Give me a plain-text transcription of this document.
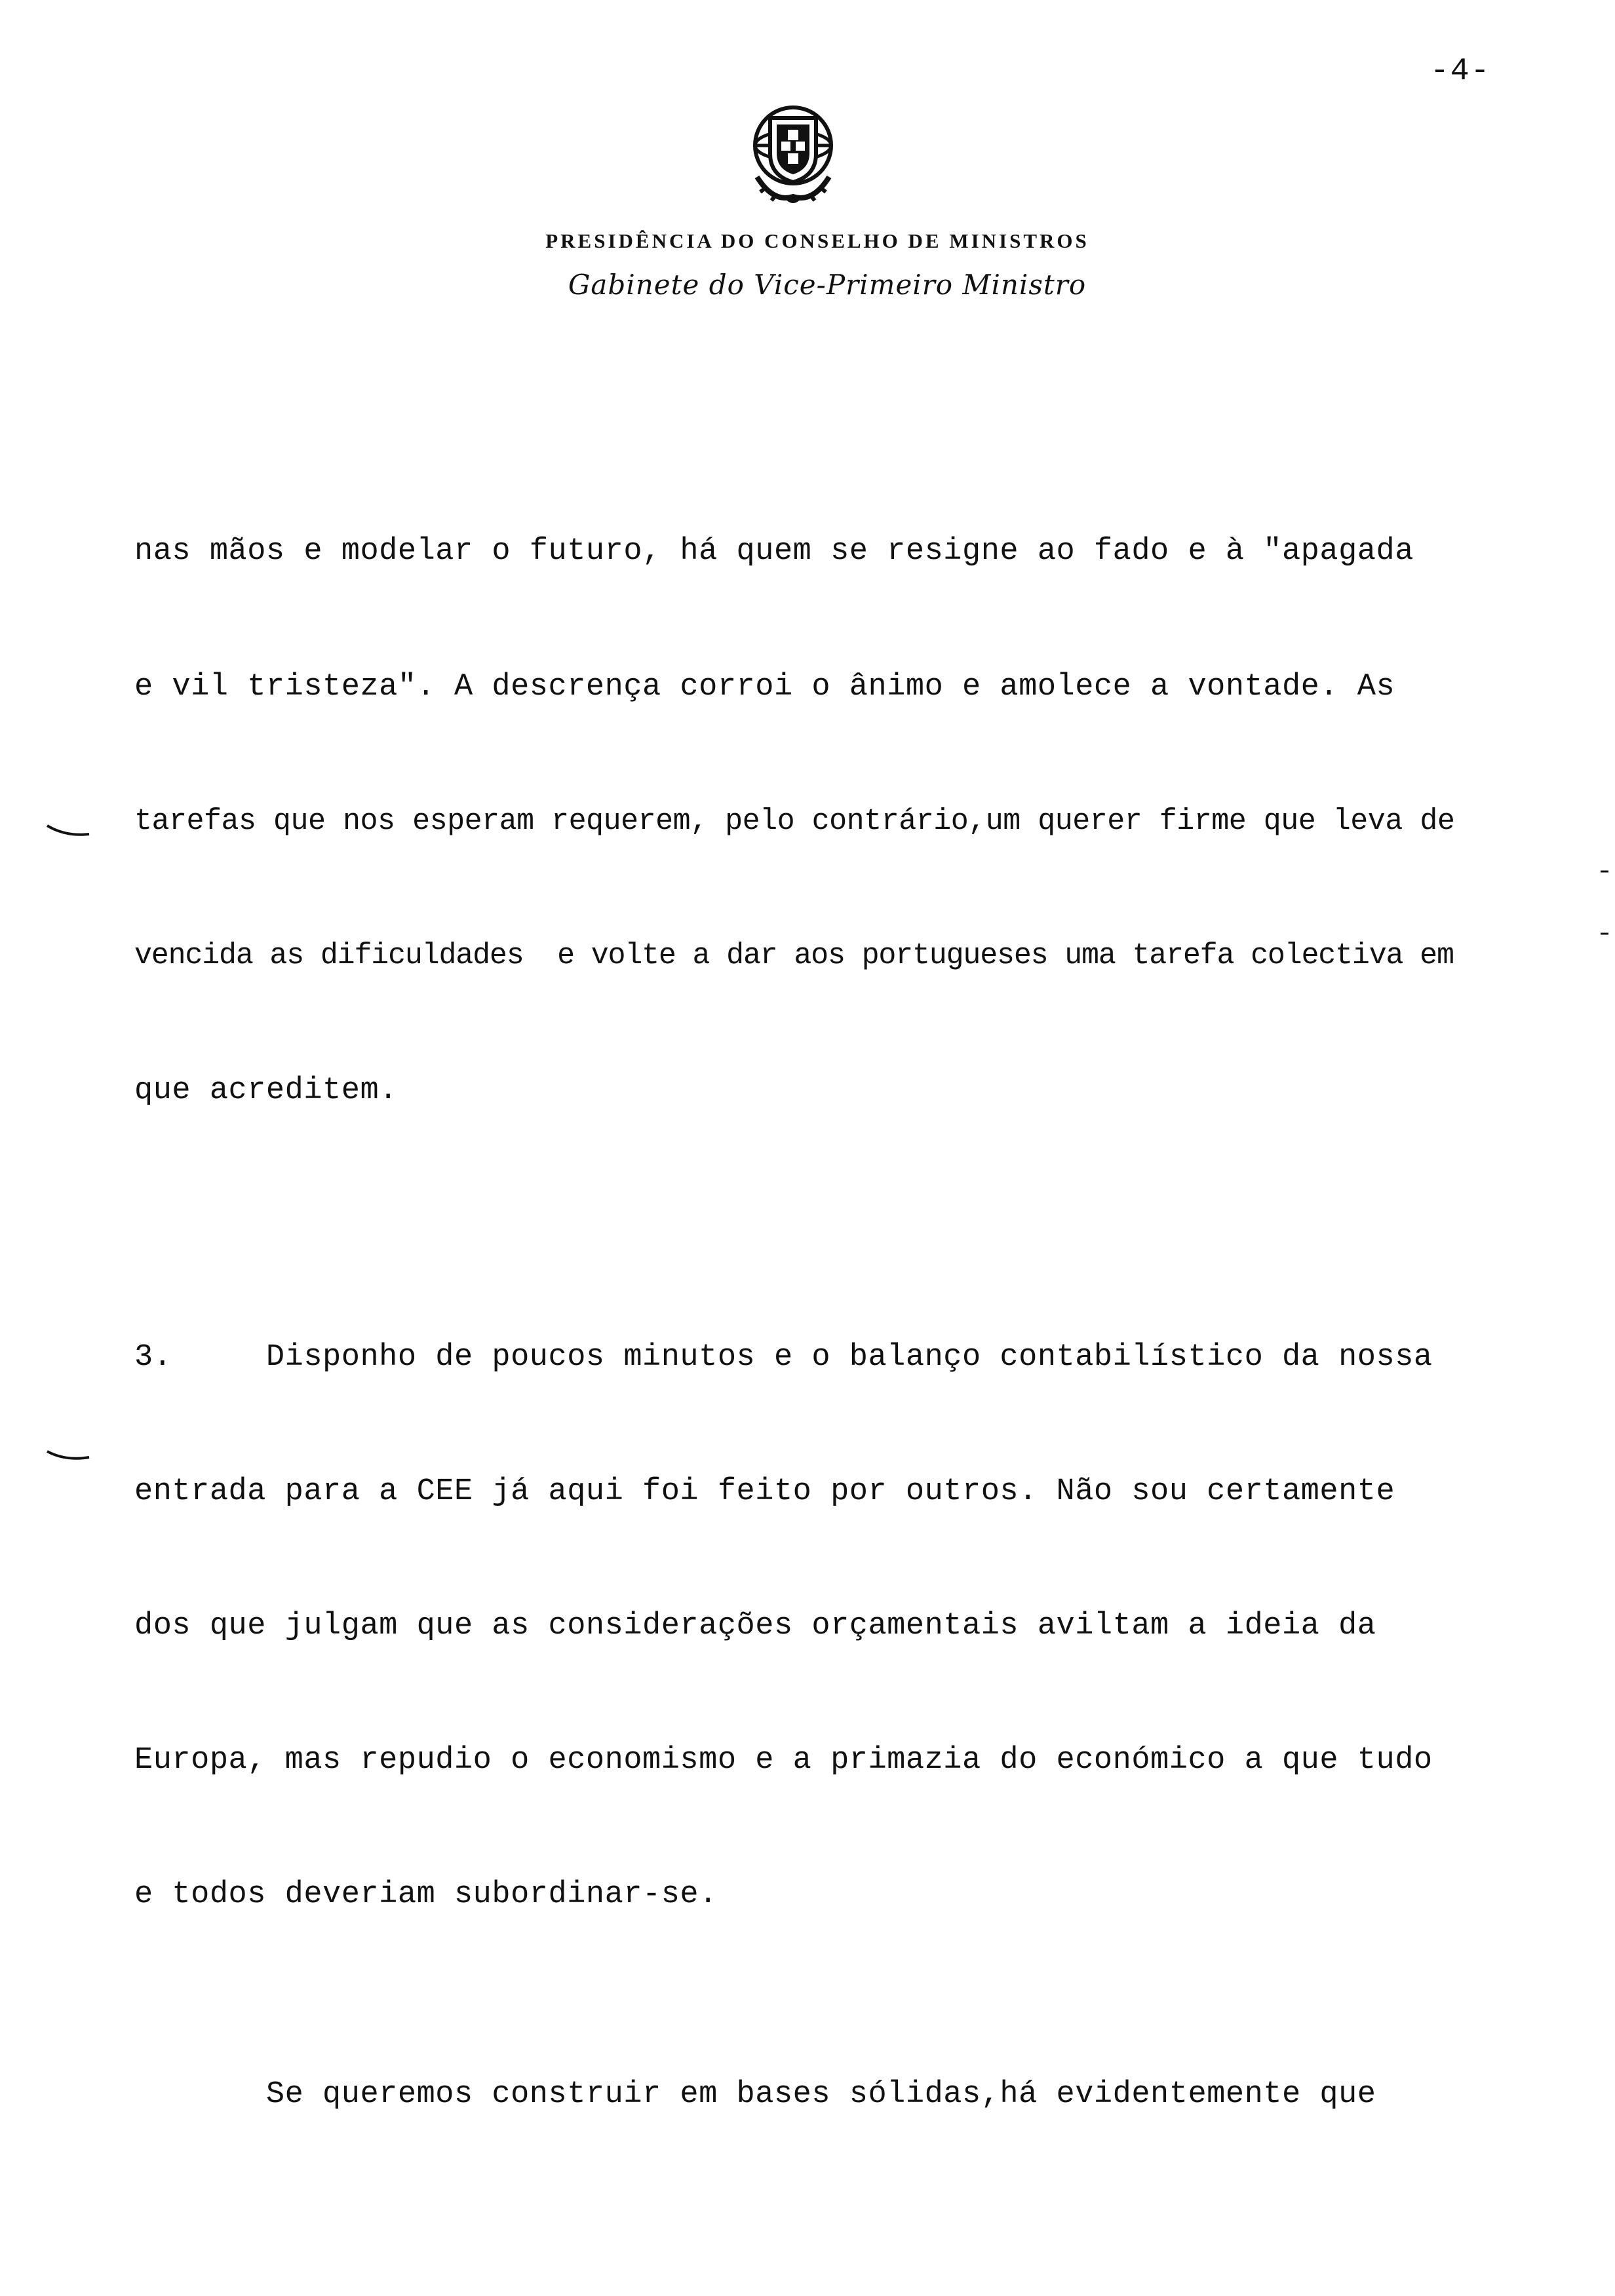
-4-
PRESIDÊNCIA DO CONSELHO DE MINISTROS
Gabinete do Vice-Primeiro Ministro
nas mãos e modelar o futuro, há quem se resigne ao fado e à "apagada
e vil tristeza". A descrença corroi o ânimo e amolece a vontade. As
tarefas que nos esperam requerem, pelo contrário,um querer firme que leva de
vencida as dificuldades  e volte a dar aos portugueses uma tarefa colectiva em
que acreditem.
3.     Disponho de poucos minutos e o balanço contabilístico da nossa
entrada para a CEE já aqui foi feito por outros. Não sou certamente
dos que julgam que as considerações orçamentais aviltam a ideia da
Europa, mas repudio o economismo e a primazia do económico a que tudo
e todos deveriam subordinar-se.
Se queremos construir em bases sólidas,há evidentemente que
